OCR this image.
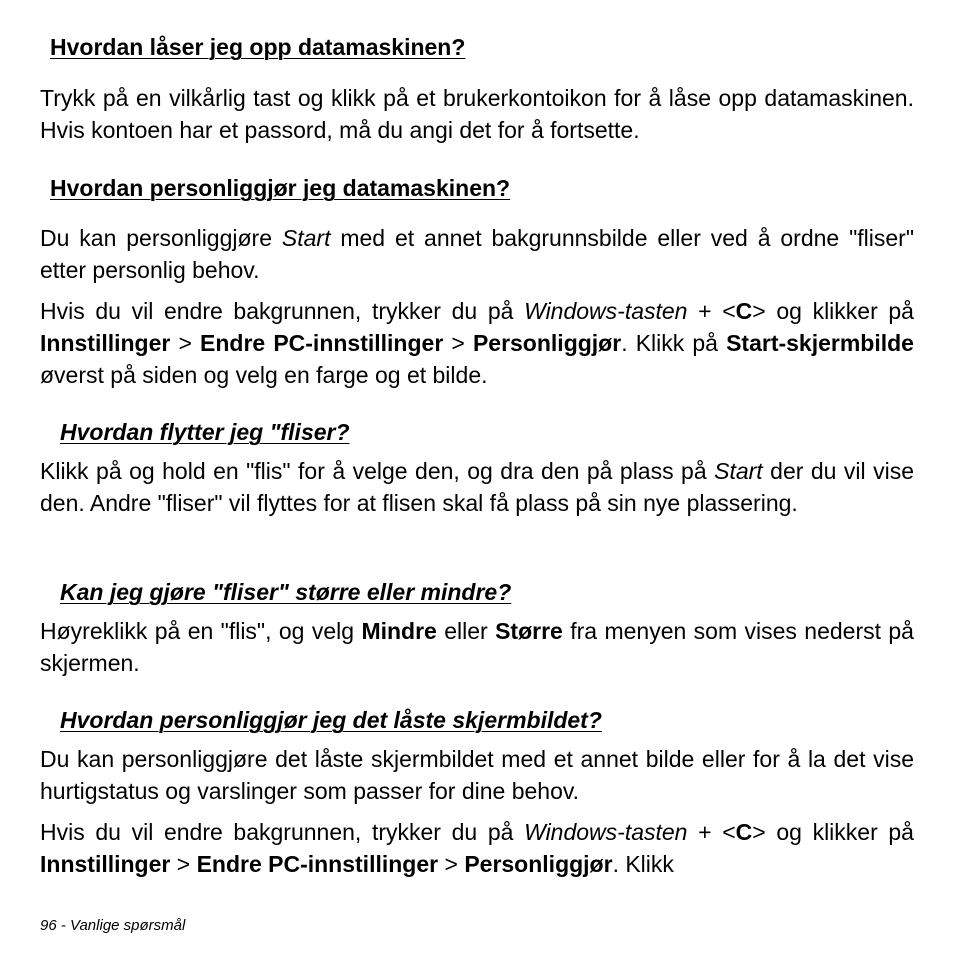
Hvordan låser jeg opp datamaskinen?

Trykk på en vilkårlig tast og klikk på et brukerkontoikon for å låse opp datamaskinen. Hvis kontoen har et passord, må du angi det for å fortsette.

Hvordan personliggjør jeg datamaskinen?

Du kan personliggjøre Start med et annet bakgrunnsbilde eller ved å ordne "fliser" etter personlig behov.

Hvis du vil endre bakgrunnen, trykker du på Windows-tasten + <C> og klikker på Innstillinger > Endre PC-innstillinger > Personliggjør. Klikk på Start-skjermbilde øverst på siden og velg en farge og et bilde.

Hvordan flytter jeg "fliser?

Klikk på og hold en "flis" for å velge den, og dra den på plass på Start der du vil vise den. Andre "fliser" vil flyttes for at flisen skal få plass på sin nye plassering.

Kan jeg gjøre "fliser" større eller mindre?

Høyreklikk på en "flis", og velg Mindre eller Større fra menyen som vises nederst på skjermen.

Hvordan personliggjør jeg det låste skjermbildet?

Du kan personliggjøre det låste skjermbildet med et annet bilde eller for å la det vise hurtigstatus og varslinger som passer for dine behov.

Hvis du vil endre bakgrunnen, trykker du på Windows-tasten + <C> og klikker på Innstillinger > Endre PC-innstillinger > Personliggjør. Klikk

96 - Vanlige spørsmål
